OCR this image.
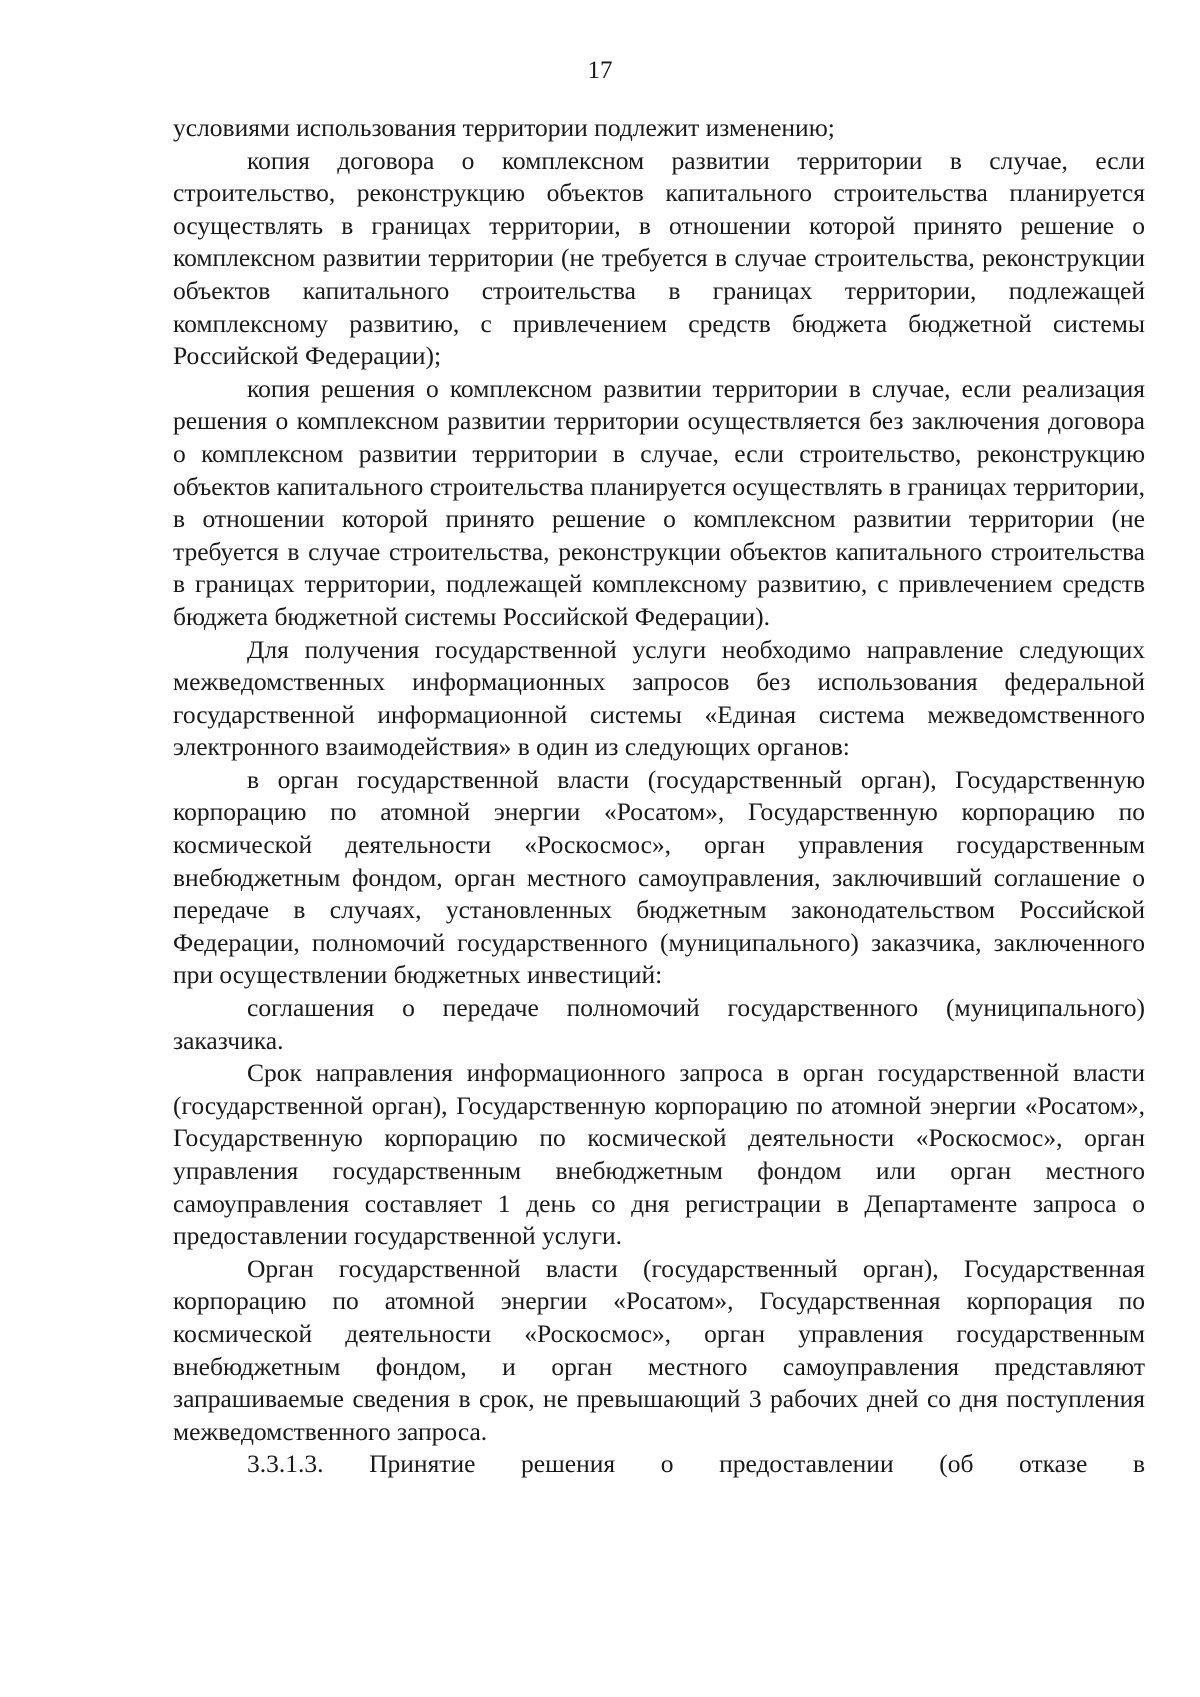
17

условиями использования территории подлежит изменению;

копия договора о комплексном развитии территории в случае, если строительство, реконструкцию объектов капитального строительства планируется осуществлять в границах территории, в отношении которой принято решение о комплексном развитии территории (не требуется в случае строительства, реконструкции объектов капитального строительства в границах территории, подлежащей комплексному развитию, с привлечением средств бюджета бюджетной системы Российской Федерации);

копия решения о комплексном развитии территории в случае, если реализация решения о комплексном развитии территории осуществляется без заключения договора о комплексном развитии территории в случае, если строительство, реконструкцию объектов капитального строительства планируется осуществлять в границах территории, в отношении которой принято решение о комплексном развитии территории (не требуется в случае строительства, реконструкции объектов капитального строительства в границах территории, подлежащей комплексному развитию, с привлечением средств бюджета бюджетной системы Российской Федерации).

Для получения государственной услуги необходимо направление следующих межведомственных информационных запросов без использования федеральной государственной информационной системы «Единая система межведомственного электронного взаимодействия» в один из следующих органов:

в орган государственной власти (государственный орган), Государственную корпорацию по атомной энергии «Росатом», Государственную корпорацию по космической деятельности «Роскосмос», орган управления государственным внебюджетным фондом, орган местного самоуправления, заключивший соглашение о передаче в случаях, установленных бюджетным законодательством Российской Федерации, полномочий государственного (муниципального) заказчика, заключенного при осуществлении бюджетных инвестиций:

соглашения о передаче полномочий государственного (муниципального) заказчика.

Срок направления информационного запроса в орган государственной власти (государственной орган), Государственную корпорацию по атомной энергии «Росатом», Государственную корпорацию по космической деятельности «Роскосмос», орган управления государственным внебюджетным фондом или орган местного самоуправления составляет 1 день со дня регистрации в Департаменте запроса о предоставлении государственной услуги.

Орган государственной власти (государственный орган), Государственная корпорацию по атомной энергии «Росатом», Государственная корпорация по космической деятельности «Роскосмос», орган управления государственным внебюджетным фондом, и орган местного самоуправления представляют запрашиваемые сведения в срок, не превышающий 3 рабочих дней со дня поступления межведомственного запроса.

3.3.1.3. Принятие решения о предоставлении (об отказе в
